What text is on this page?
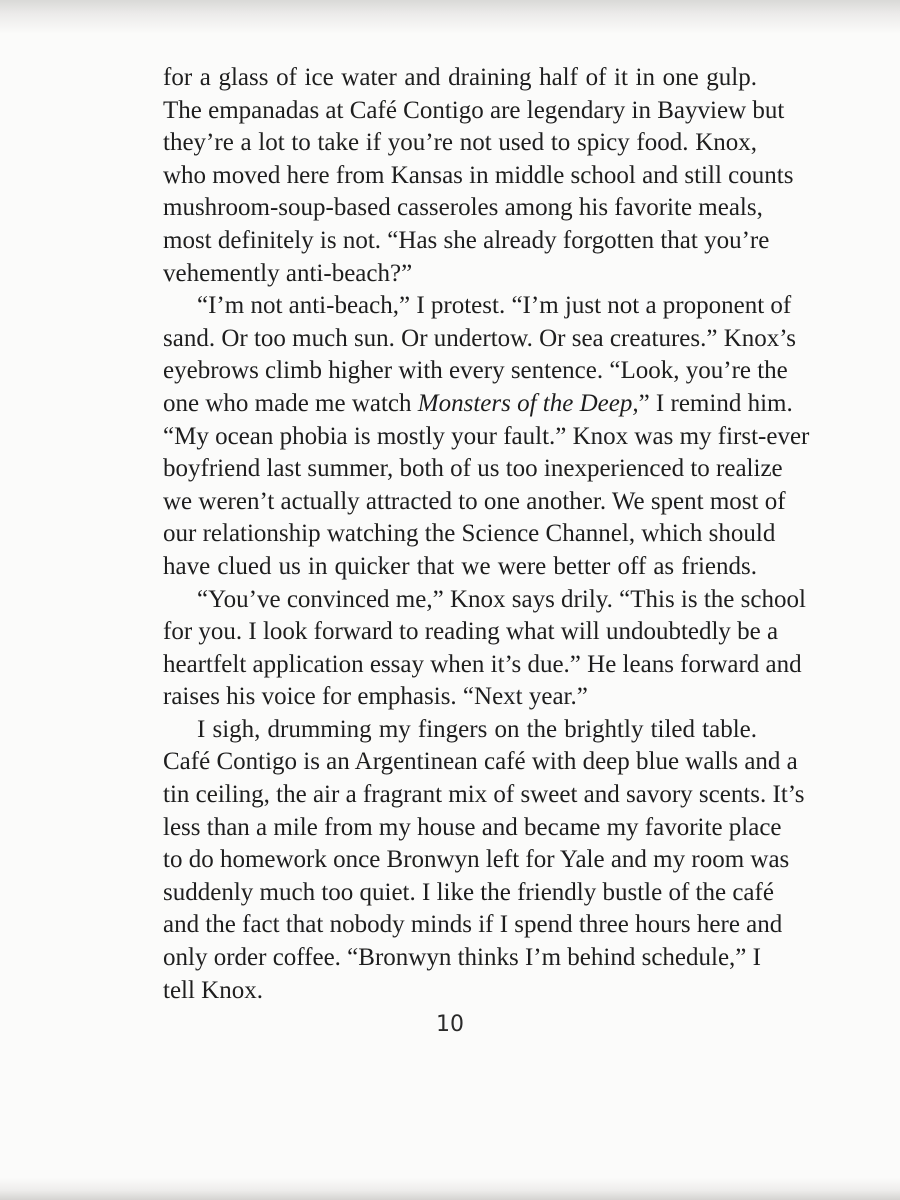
for a glass of ice water and draining half of it in one gulp.
The empanadas at Café Contigo are legendary in Bayview but
they’re a lot to take if you’re not used to spicy food. Knox,
who moved here from Kansas in middle school and still counts
mushroom-soup-based casseroles among his favorite meals,
most definitely is not. “Has she already forgotten that you’re
vehemently anti-beach?”

“I’m not anti-beach,” I protest. “I’m just not a proponent of
sand. Or too much sun. Or undertow. Or sea creatures.” Knox’s
eyebrows climb higher with every sentence. “Look, you’re the
one who made me watch Monsters of the Deep,” I remind him.
“My ocean phobia is mostly your fault.” Knox was my first-ever
boyfriend last summer, both of us too inexperienced to realize
we weren’t actually attracted to one another. We spent most of
our relationship watching the Science Channel, which should
have clued us in quicker that we were better off as friends.

“You’ve convinced me,” Knox says drily. “This is the school
for you. I look forward to reading what will undoubtedly be a
heartfelt application essay when it’s due.” He leans forward and
raises his voice for emphasis. “Next year.”

I sigh, drumming my fingers on the brightly tiled table.
Café Contigo is an Argentinean café with deep blue walls and a
tin ceiling, the air a fragrant mix of sweet and savory scents. It’s
less than a mile from my house and became my favorite place
to do homework once Bronwyn left for Yale and my room was
suddenly much too quiet. I like the friendly bustle of the café
and the fact that nobody minds if I spend three hours here and
only order coffee. “Bronwyn thinks I’m behind schedule,” I
tell Knox.

10
